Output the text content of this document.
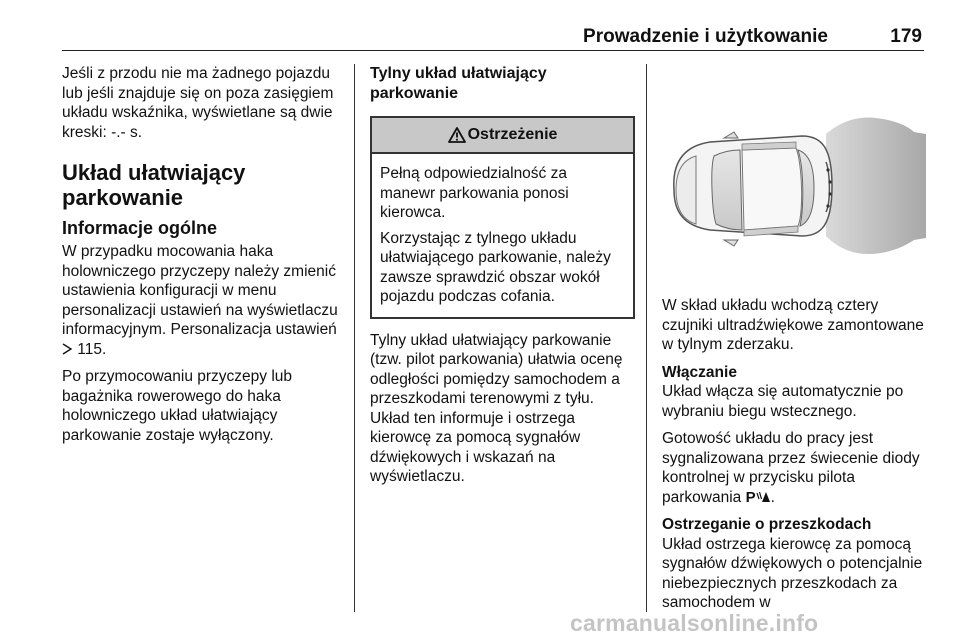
Prowadzenie i użytkowanie	179

Jeśli z przodu nie ma żadnego pojazdu lub jeśli znajduje się on poza zasięgiem układu wskaźnika, wyświetlane są dwie kreski: -.- s.

Układ ułatwiający parkowanie
Informacje ogólne

W przypadku mocowania haka holowniczego przyczepy należy zmienić ustawienia konfiguracji w menu personalizacji ustawień na wyświetlaczu informacyjnym. Personalizacja ustawień  115.

Po przymocowaniu przyczepy lub bagażnika rowerowego do haka holowniczego układ ułatwiający parkowanie zostaje wyłączony.

Tylny układ ułatwiający parkowanie
Ostrzeżenie

Pełną odpowiedzialność za manewr parkowania ponosi kierowca.

Korzystając z tylnego układu ułatwiającego parkowanie, należy zawsze sprawdzić obszar wokół pojazdu podczas cofania.

Tylny układ ułatwiający parkowanie (tzw. pilot parkowania) ułatwia ocenę odległości pomiędzy samochodem a przeszkodami terenowymi z tyłu. Układ ten informuje i ostrzega kierowcę za pomocą sygnałów dźwiękowych i wskazań na wyświetlaczu.

W skład układu wchodzą cztery czujniki ultradźwiękowe zamontowane w tylnym zderzaku.

Włączanie

Układ włącza się automatycznie po wybraniu biegu wstecznego.

Gotowość układu do pracy jest sygnalizowana przez świecenie diody kontrolnej w przycisku pilota parkowania P .

Ostrzeganie o przeszkodach

Układ ostrzega kierowcę za pomocą sygnałów dźwiękowych o potencjalnie niebezpiecznych przeszkodach za samochodem w

carmanualsonline.info
